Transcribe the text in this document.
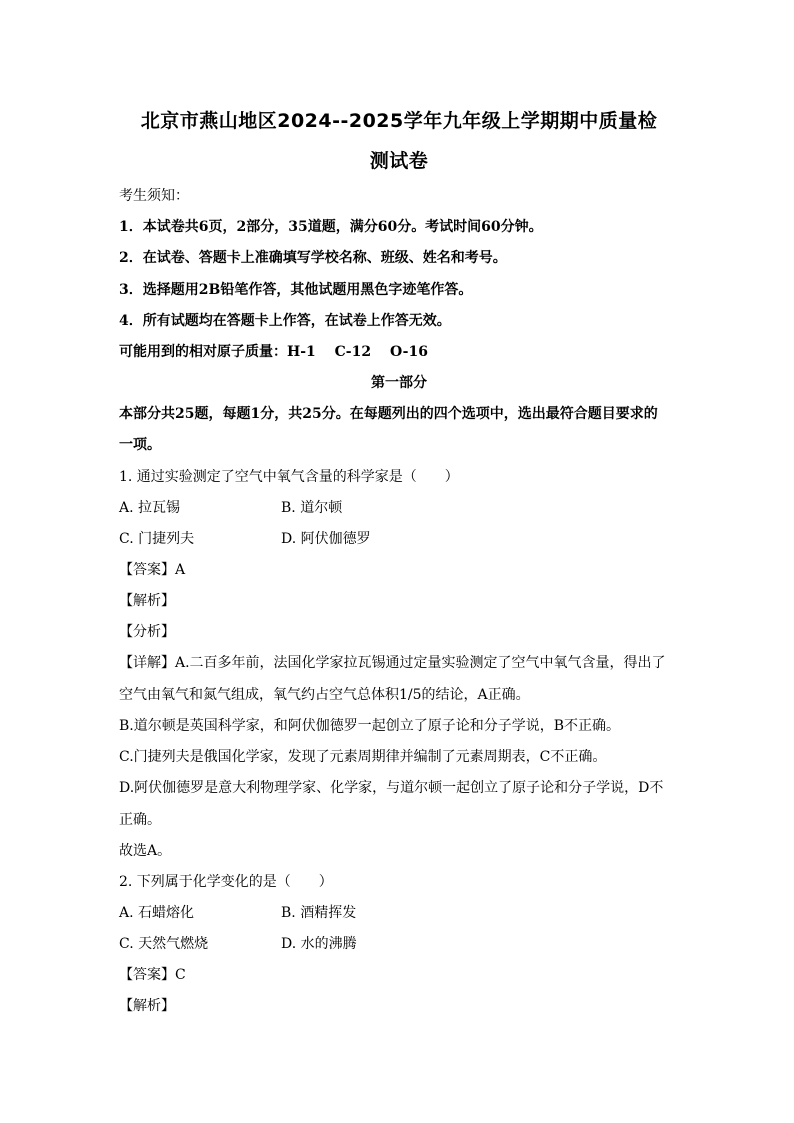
北京市燕山地区2024--2025学年九年级上学期期中质量检
测试卷
考生须知：
1．本试卷共6页，2部分，35道题，满分60分。考试时间60分钟。
2．在试卷、答题卡上准确填写学校名称、班级、姓名和考号。
3．选择题用2B铅笔作答，其他试题用黑色字迹笔作答。
4．所有试题均在答题卡上作答，在试卷上作答无效。
可能用到的相对原子质量：H-1　 C-12　 O-16
第一部分
本部分共25题，每题1分，共25分。在每题列出的四个选项中，选出最符合题目要求的
一项。
1. 通过实验测定了空气中氧气含量的科学家是（　　）
A. 拉瓦锡	B. 道尔顿
C. 门捷列夫	D. 阿伏伽德罗
【答案】A
【解析】
【分析】
【详解】A.二百多年前，法国化学家拉瓦锡通过定量实验测定了空气中氧气含量，得出了
空气由氧气和氮气组成，氧气约占空气总体积1/5的结论，A正确。
B.道尔顿是英国科学家，和阿伏伽德罗一起创立了原子论和分子学说，B不正确。
C.门捷列夫是俄国化学家，发现了元素周期律并编制了元素周期表，C不正确。
D.阿伏伽德罗是意大利物理学家、化学家，与道尔顿一起创立了原子论和分子学说，D不
正确。
故选A。
2. 下列属于化学变化的是（　　）
A. 石蜡熔化	B. 酒精挥发
C. 天然气燃烧	D. 水的沸腾
【答案】C
【解析】
